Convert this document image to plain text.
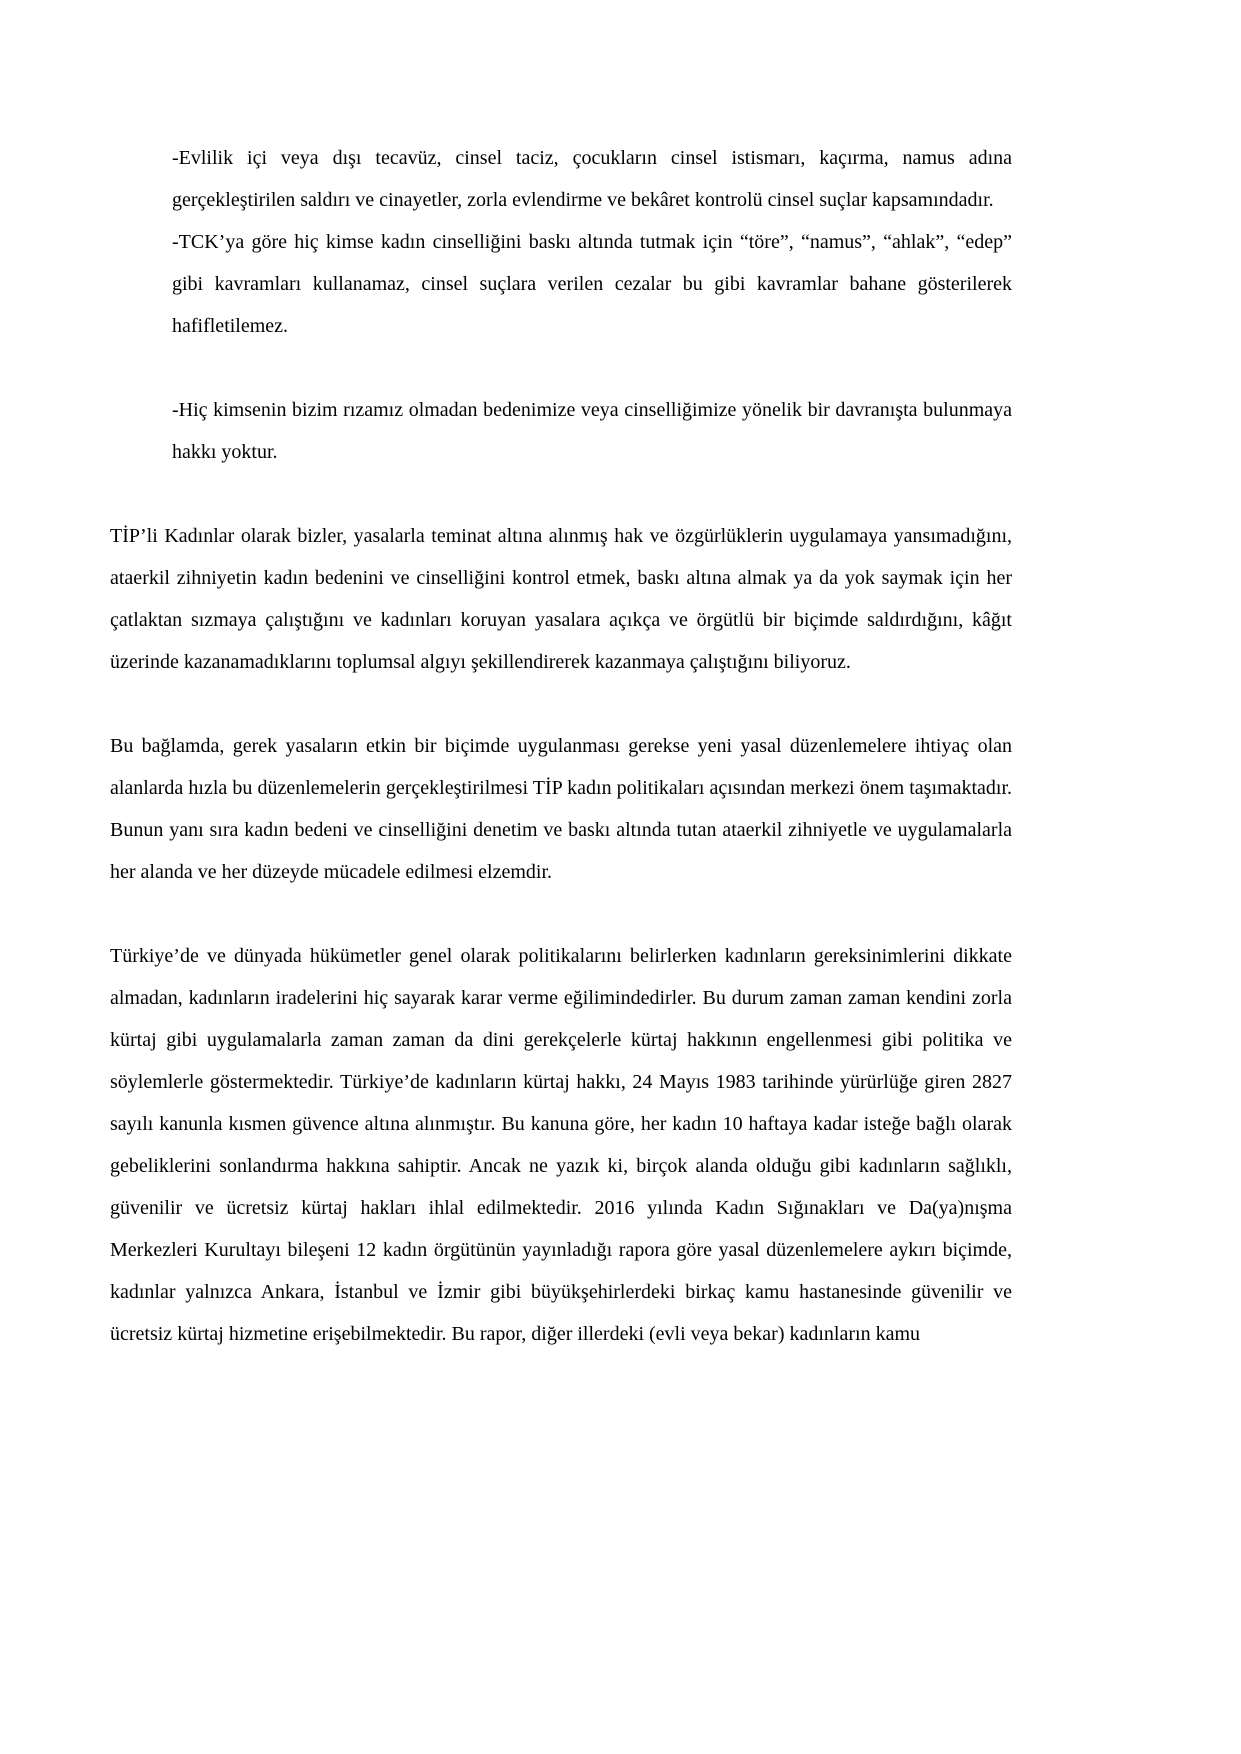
-Evlilik içi veya dışı tecavüz, cinsel taciz, çocukların cinsel istismarı, kaçırma, namus adına gerçekleştirilen saldırı ve cinayetler, zorla evlendirme ve bekâret kontrolü cinsel suçlar kapsamındadır.

-TCK’ya göre hiç kimse kadın cinselliğini baskı altında tutmak için “töre”, “namus”, “ahlak”, “edep” gibi kavramları kullanamaz, cinsel suçlara verilen cezalar bu gibi kavramlar bahane gösterilerek hafifletilemez.

-Hiç kimsenin bizim rızamız olmadan bedenimize veya cinselliğimize yönelik bir davranışta bulunmaya hakkı yoktur.

TİP’li Kadınlar olarak bizler, yasalarla teminat altına alınmış hak ve özgürlüklerin uygulamaya yansımadığını, ataerkil zihniyetin kadın bedenini ve cinselliğini kontrol etmek, baskı altına almak ya da yok saymak için her çatlaktan sızmaya çalıştığını ve kadınları koruyan yasalara açıkça ve örgütlü bir biçimde saldırdığını, kâğıt üzerinde kazanamadıklarını toplumsal algıyı şekillendirerek kazanmaya çalıştığını biliyoruz.

Bu bağlamda, gerek yasaların etkin bir biçimde uygulanması gerekse yeni yasal düzenlemelere ihtiyaç olan alanlarda hızla bu düzenlemelerin gerçekleştirilmesi TİP kadın politikaları açısından merkezi önem taşımaktadır. Bunun yanı sıra kadın bedeni ve cinselliğini denetim ve baskı altında tutan ataerkil zihniyetle ve uygulamalarla her alanda ve her düzeyde mücadele edilmesi elzemdir.

Türkiye’de ve dünyada hükümetler genel olarak politikalarını belirlerken kadınların gereksinimlerini dikkate almadan, kadınların iradelerini hiç sayarak karar verme eğilimindedirler. Bu durum zaman zaman kendini zorla kürtaj gibi uygulamalarla zaman zaman da dini gerekçelerle kürtaj hakkının engellenmesi gibi politika ve söylemlerle göstermektedir. Türkiye’de kadınların kürtaj hakkı, 24 Mayıs 1983 tarihinde yürürlüğe giren 2827 sayılı kanunla kısmen güvence altına alınmıştır. Bu kanuna göre, her kadın 10 haftaya kadar isteğe bağlı olarak gebeliklerini sonlandırma hakkına sahiptir. Ancak ne yazık ki, birçok alanda olduğu gibi kadınların sağlıklı, güvenilir ve ücretsiz kürtaj hakları ihlal edilmektedir. 2016 yılında Kadın Sığınakları ve Da(ya)nışma Merkezleri Kurultayı bileşeni 12 kadın örgütünün yayınladığı rapora göre yasal düzenlemelere aykırı biçimde, kadınlar yalnızca Ankara, İstanbul ve İzmir gibi büyükşehirlerdeki birkaç kamu hastanesinde güvenilir ve ücretsiz kürtaj hizmetine erişebilmektedir. Bu rapor, diğer illerdeki (evli veya bekar) kadınların kamu
